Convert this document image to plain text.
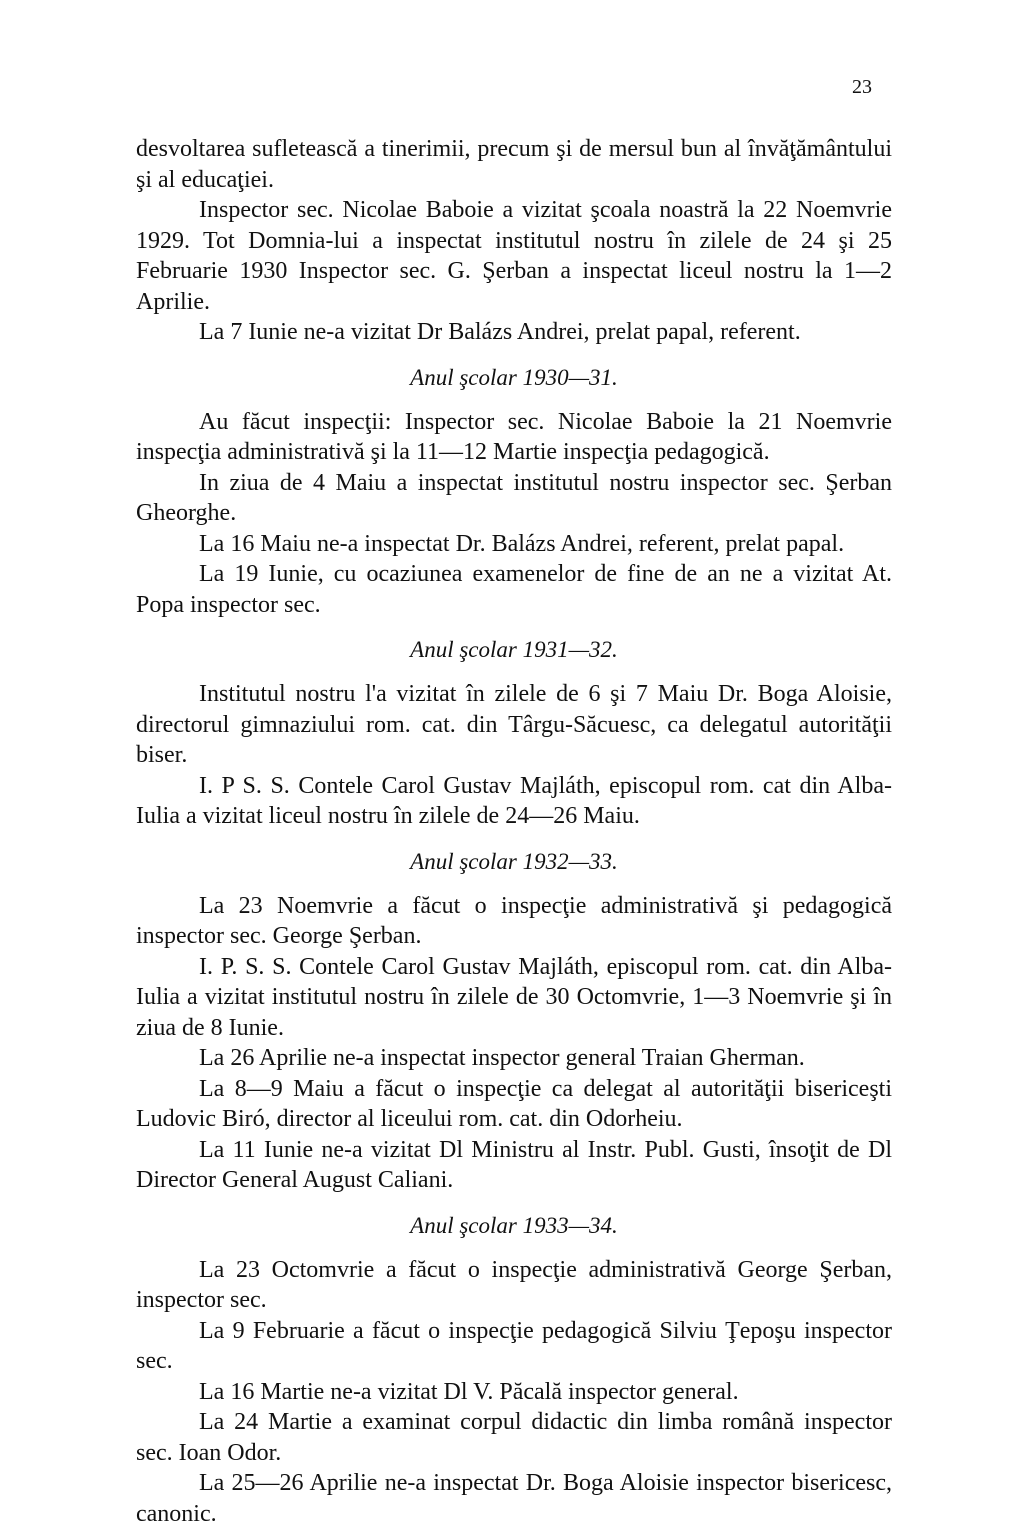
23

desvoltarea sufletească a tinerimii, precum şi de mersul bun al învăţământului şi al educaţiei.

Inspector sec. Nicolae Baboie a vizitat şcoala noastră la 22 Noemvrie 1929. Tot Domnia-lui a inspectat institutul nostru în zilele de 24 şi 25 Februarie 1930 Inspector sec. G. Şerban a inspectat liceul nostru la 1—2 Aprilie.

La 7 Iunie ne-a vizitat Dr Balázs Andrei, prelat papal, referent.

Anul şcolar 1930—31.

Au făcut inspecţii: Inspector sec. Nicolae Baboie la 21 Noemvrie inspecţia administrativă şi la 11—12 Martie inspecţia pedagogică.

In ziua de 4 Maiu a inspectat institutul nostru inspector sec. Şerban Gheorghe.

La 16 Maiu ne-a inspectat Dr. Balázs Andrei, referent, prelat papal.

La 19 Iunie, cu ocaziunea examenelor de fine de an ne a vizitat At. Popa inspector sec.

Anul şcolar 1931—32.

Institutul nostru l'a vizitat în zilele de 6 şi 7 Maiu Dr. Boga Aloisie, directorul gimnaziului rom. cat. din Târgu-Săcuesc, ca delegatul autorităţii biser.

I. P S. S. Contele Carol Gustav Majláth, episcopul rom. cat din Alba-Iulia a vizitat liceul nostru în zilele de 24—26 Maiu.

Anul şcolar 1932—33.

La 23 Noemvrie a făcut o inspecţie administrativă şi pedagogică inspector sec. George Şerban.

I. P. S. S. Contele Carol Gustav Majláth, episcopul rom. cat. din Alba-Iulia a vizitat institutul nostru în zilele de 30 Octomvrie, 1—3 Noemvrie şi în ziua de 8 Iunie.

La 26 Aprilie ne-a inspectat inspector general Traian Gherman.

La 8—9 Maiu a făcut o inspecţie ca delegat al autorităţii bisericeşti Ludovic Biró, director al liceului rom. cat. din Odorheiu.

La 11 Iunie ne-a vizitat Dl Ministru al Instr. Publ. Gusti, însoţit de Dl Director General August Caliani.

Anul şcolar 1933—34.

La 23 Octomvrie a făcut o inspecţie administrativă George Şerban, inspector sec.

La 9 Februarie a făcut o inspecţie pedagogică Silviu Ţepoşu inspector sec.

La 16 Martie ne-a vizitat Dl V. Păcală inspector general.

La 24 Martie a examinat corpul didactic din limba română inspector sec. Ioan Odor.

La 25—26 Aprilie ne-a inspectat Dr. Boga Aloisie inspector bisericesc, canonic.
